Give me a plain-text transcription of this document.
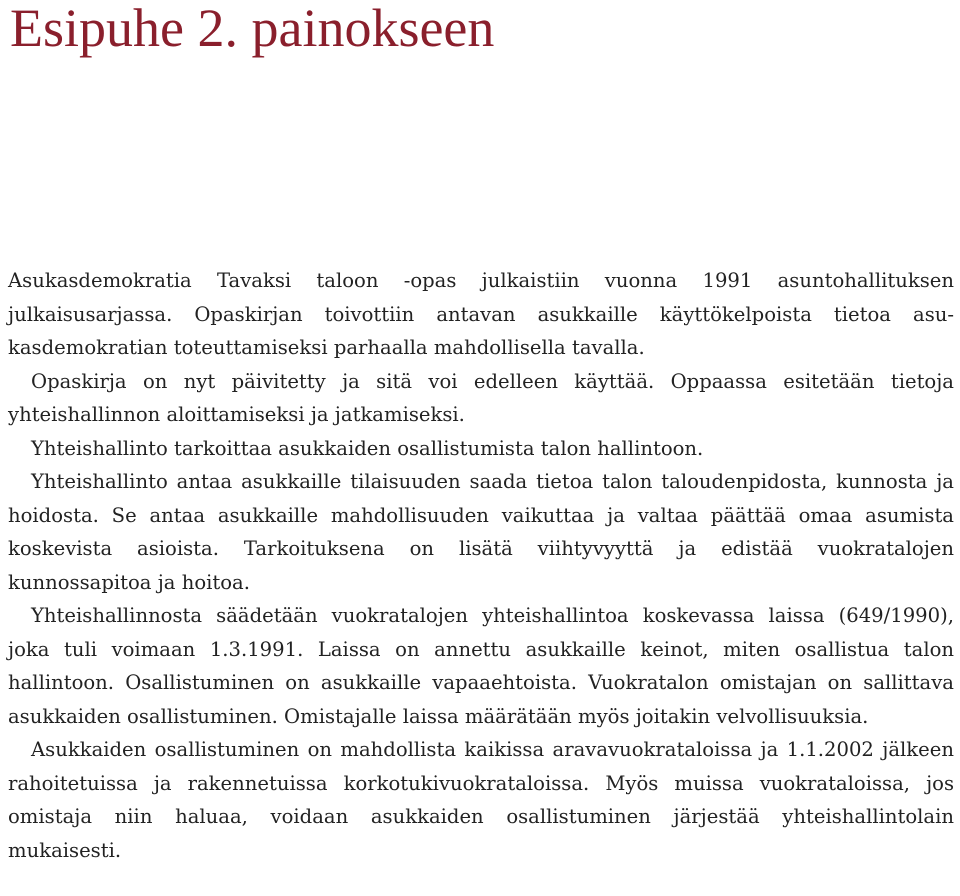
Esipuhe 2. painokseen

Asukasdemokratia Tavaksi taloon -opas julkaistiin vuonna 1991 asuntohallituksen julkaisusarjassa. Opaskirjan toivottiin antavan asukkaille käyttökelpoista tietoa asukasdemokratian toteuttamiseksi parhaalla mahdollisella tavalla.

Opaskirja on nyt päivitetty ja sitä voi edelleen käyttää. Oppaassa esitetään tietoja yhteishallinnon aloittamiseksi ja jatkamiseksi.

Yhteishallinto tarkoittaa asukkaiden osallistumista talon hallintoon.

Yhteishallinto antaa asukkaille tilaisuuden saada tietoa talon taloudenpidosta, kunnosta ja hoidosta. Se antaa asukkaille mahdollisuuden vaikuttaa ja valtaa päättää omaa asumista koskevista asioista. Tarkoituksena on lisätä viihtyvyyttä ja edistää vuokratalojen kunnossapitoa ja hoitoa.

Yhteishallinnosta säädetään vuokratalojen yhteishallintoa koskevassa laissa (649/1990), joka tuli voimaan 1.3.1991. Laissa on annettu asukkaille keinot, miten osallistua talon hallintoon. Osallistuminen on asukkaille vapaaehtoista. Vuokratalon omistajan on sallittava asukkaiden osallistuminen. Omistajalle laissa määrätään myös joitakin velvollisuuksia.

Asukkaiden osallistuminen on mahdollista kaikissa aravavuokrataloissa ja 1.1.2002 jälkeen rahoitetuissa ja rakennetuissa korkotukivuokrataloissa. Myös muissa vuokrataloissa, jos omistaja niin haluaa, voidaan asukkaiden osallistuminen järjestää yhteishallintolain mukaisesti.
